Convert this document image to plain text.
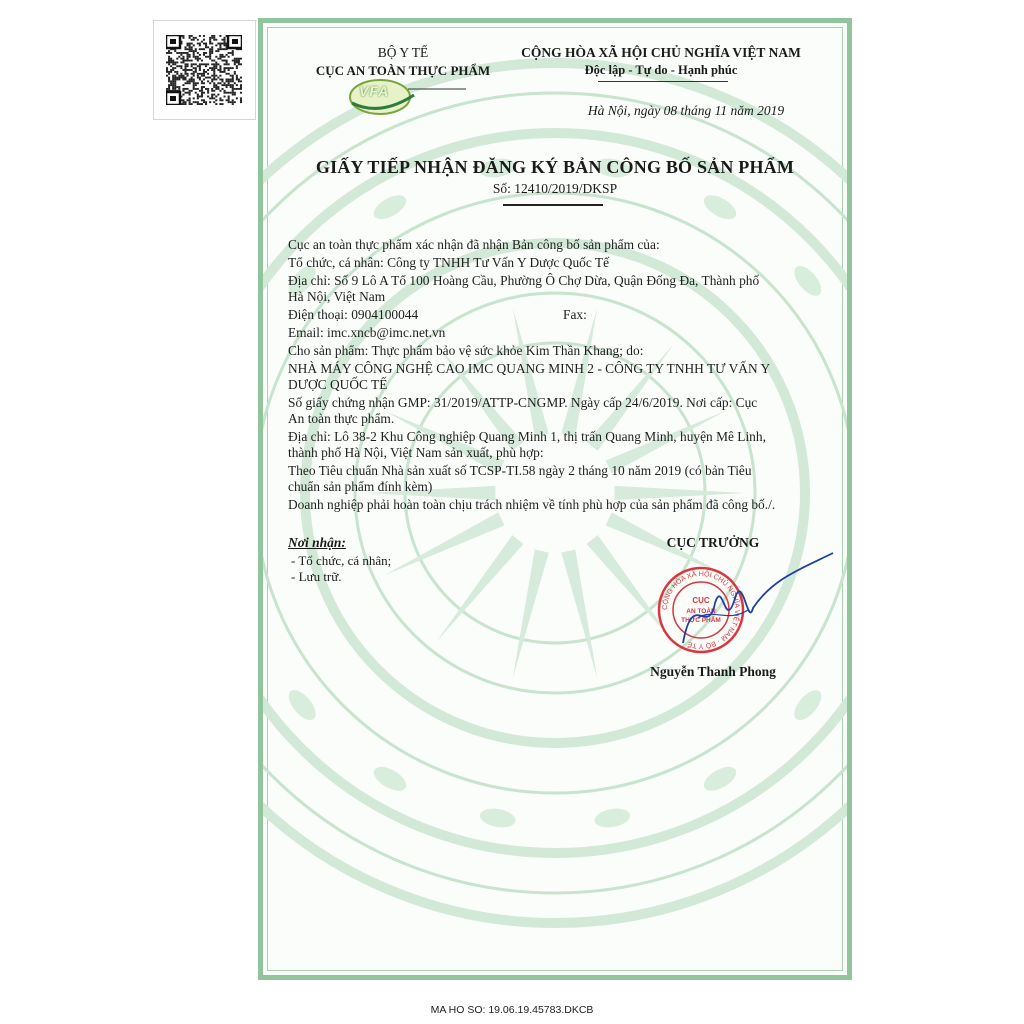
BỘ Y TẾ
CỤC AN TOÀN THỰC PHẨM
VFA
CỘNG HÒA XÃ HỘI CHỦ NGHĨA VIỆT NAM
Độc lập - Tự do - Hạnh phúc
Hà Nội, ngày 08 tháng 11 năm 2019
GIẤY TIẾP NHẬN ĐĂNG KÝ BẢN CÔNG BỐ SẢN PHẨM
Số: 12410/2019/DKSP
Cục an toàn thực phẩm xác nhận đã nhận Bản công bố sản phẩm của:
Tổ chức, cá nhân: Công ty TNHH Tư Vấn Y Dược Quốc Tế
Địa chỉ: Số 9 Lô A Tổ 100 Hoàng Cầu, Phường Ô Chợ Dừa, Quận Đống Đa, Thành phố
Hà Nội, Việt Nam
Điện thoại: 0904100044	Fax:
Email: imc.xncb@imc.net.vn
Cho sản phẩm: Thực phẩm bảo vệ sức khỏe Kim Thần Khang; do:
NHÀ MÁY CÔNG NGHỆ CAO IMC QUANG MINH 2 - CÔNG TY TNHH TƯ VẤN Y
DƯỢC QUỐC TẾ
Số giấy chứng nhận GMP: 31/2019/ATTP-CNGMP. Ngày cấp 24/6/2019. Nơi cấp: Cục
An toàn thực phẩm.
Địa chỉ: Lô 38-2 Khu Công nghiệp Quang Minh 1, thị trấn Quang Minh, huyện Mê Linh,
thành phố Hà Nội, Việt Nam sản xuất, phù hợp:
Theo Tiêu chuẩn Nhà sản xuất số TCSP-TI.58 ngày 2 tháng 10 năm 2019 (có bản Tiêu
chuẩn sản phẩm đính kèm)
Doanh nghiệp phải hoàn toàn chịu trách nhiệm về tính phù hợp của sản phẩm đã công bố./.
Nơi nhận:
- Tổ chức, cá nhân;
- Lưu trữ.
CỤC TRƯỞNG
CỘNG HÒA XÃ HỘI CHỦ NGHĨA VIỆT NAM · BỘ Y TẾ
CỤC
AN TOÀN
THỰC PHẨM
Nguyễn Thanh Phong
MA HO SO: 19.06.19.45783.DKCB
